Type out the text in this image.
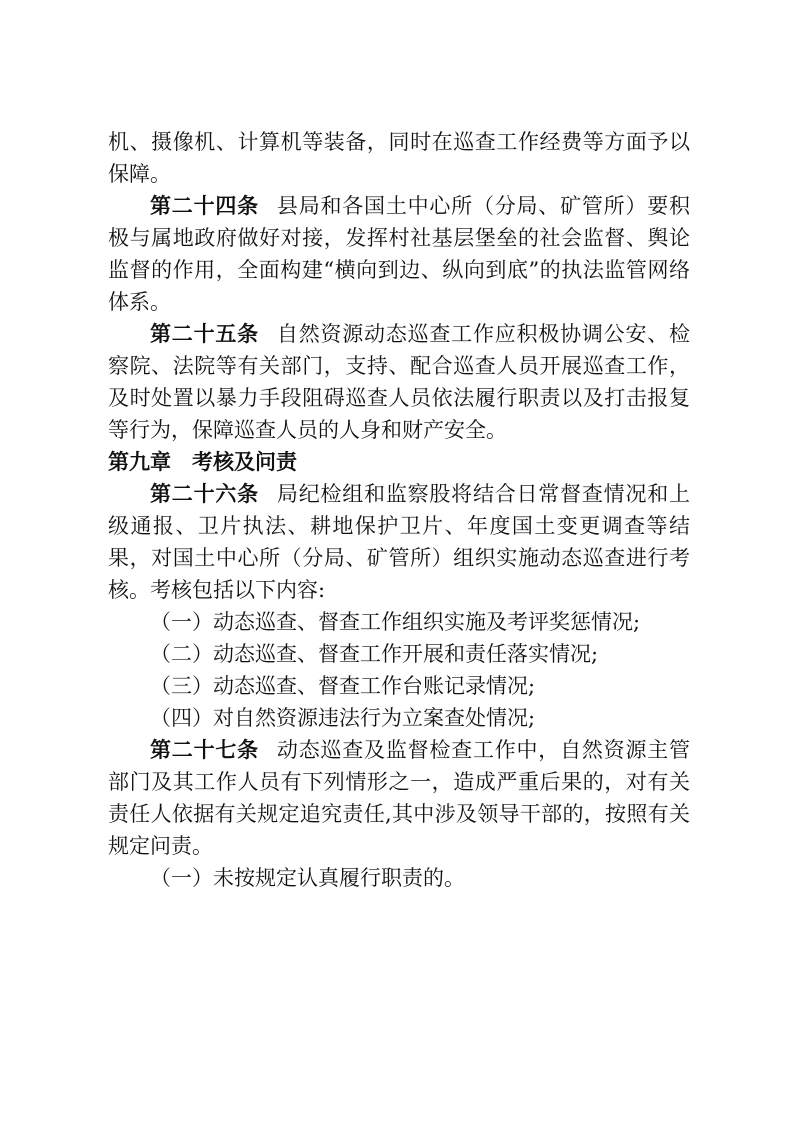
机、摄像机、计算机等装备，同时在巡查工作经费等方面予以保障。

第二十四条 县局和各国土中心所（分局、矿管所）要积极与属地政府做好对接，发挥村社基层堡垒的社会监督、舆论监督的作用，全面构建“横向到边、纵向到底”的执法监管网络体系。

第二十五条 自然资源动态巡查工作应积极协调公安、检察院、法院等有关部门，支持、配合巡查人员开展巡查工作，及时处置以暴力手段阻碍巡查人员依法履行职责以及打击报复等行为，保障巡查人员的人身和财产安全。

第九章　考核及问责

第二十六条 局纪检组和监察股将结合日常督查情况和上级通报、卫片执法、耕地保护卫片、年度国土变更调查等结果，对国土中心所（分局、矿管所）组织实施动态巡查进行考核。考核包括以下内容:

（一）动态巡查、督查工作组织实施及考评奖惩情况;

（二）动态巡查、督查工作开展和责任落实情况;

（三）动态巡查、督查工作台账记录情况;

（四）对自然资源违法行为立案查处情况;

第二十七条 动态巡查及监督检查工作中，自然资源主管部门及其工作人员有下列情形之一，造成严重后果的，对有关责任人依据有关规定追究责任,其中涉及领导干部的，按照有关规定问责。

（一）未按规定认真履行职责的。
